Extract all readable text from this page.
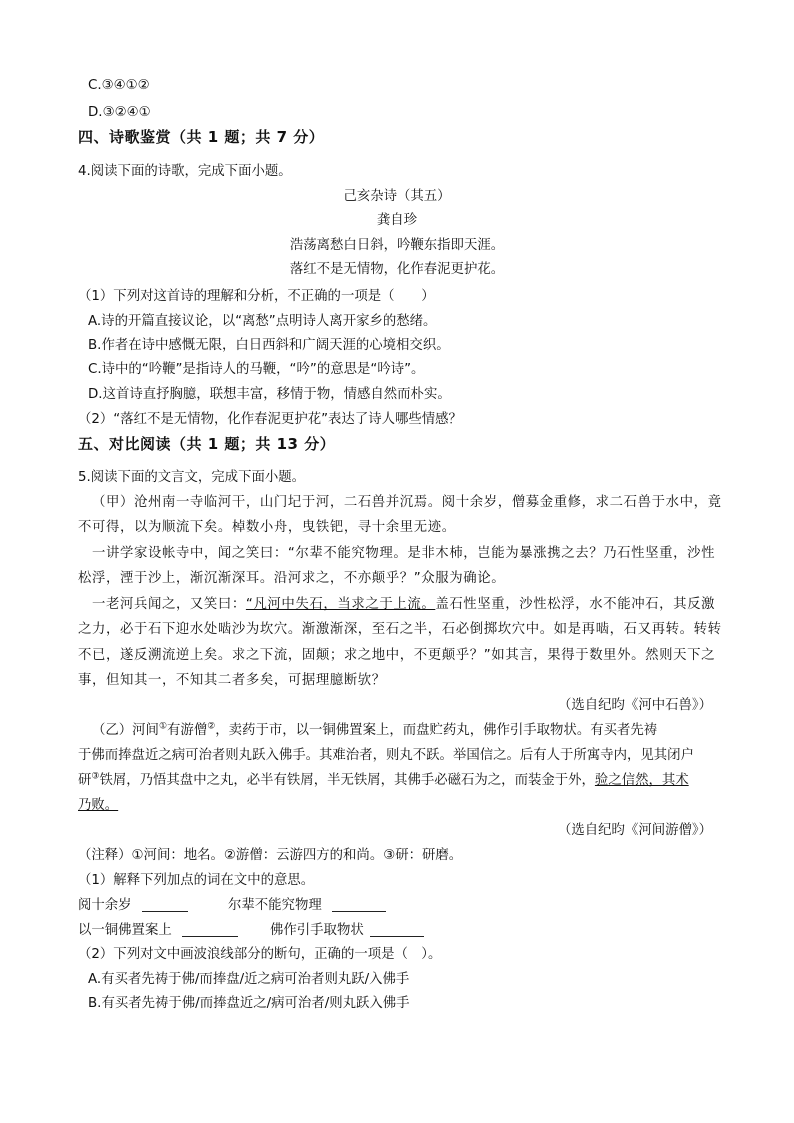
C.③④①②
D.③②④①
四、诗歌鉴赏（共 1 题；共 7 分）
4.阅读下面的诗歌，完成下面小题。
己亥杂诗（其五）
龚自珍
浩荡离愁白日斜，吟鞭东指即天涯。
落红不是无情物，化作春泥更护花。
（1）下列对这首诗的理解和分析，不正确的一项是（　　）
A.诗的开篇直接议论，以“离愁”点明诗人离开家乡的愁绪。
B.作者在诗中感慨无限，白日西斜和广阔天涯的心境相交织。
C.诗中的“吟鞭”是指诗人的马鞭，“吟”的意思是“吟诗”。
D.这首诗直抒胸臆，联想丰富，移情于物，情感自然而朴实。
（2）“落红不是无情物，化作春泥更护花”表达了诗人哪些情感？
五、对比阅读（共 1 题；共 13 分）
5.阅读下面的文言文，完成下面小题。
（甲）沧州南一寺临河干，山门圮于河，二石兽并沉焉。阅十余岁，僧募金重修，求二石兽于水中，竟
不可得，以为顺流下矣。棹数小舟，曳铁钯，寻十余里无迹。
一讲学家设帐寺中，闻之笑曰：“尔辈不能究物理。是非木杮，岂能为暴涨携之去？乃石性坚重，沙性
松浮，湮于沙上，渐沉渐深耳。沿河求之，不亦颠乎？”众服为确论。
一老河兵闻之，又笑曰：“凡河中失石，当求之于上流。盖石性坚重，沙性松浮，水不能冲石，其反激
之力，必于石下迎水处啮沙为坎穴。渐激渐深，至石之半，石必倒掷坎穴中。如是再啮，石又再转。转转
不已，遂反溯流逆上矣。求之下流，固颠；求之地中，不更颠乎？”如其言，果得于数里外。然则天下之
事，但知其一，不知其二者多矣，可据理臆断欤？
（选自纪昀《河中石兽》）
（乙）河间①有游僧②，卖药于市，以一铜佛置案上，而盘贮药丸，佛作引手取物状。有买者先祷
于佛而捧盘近之病可治者则丸跃入佛手。其难治者，则丸不跃。举国信之。后有人于所寓寺内，见其闭户
研③铁屑，乃悟其盘中之丸，必半有铁屑，半无铁屑，其佛手必磁石为之，而装金于外，验之信然，其术
乃败。
（选自纪昀《河间游僧》）
（注释）①河间：地名。②游僧：云游四方的和尚。③研：研磨。
（1）解释下列加点的词在文中的意思。
阅十余岁	尔辈不能究物理
以一铜佛置案上	佛作引手取物状
（2）下列对文中画波浪线部分的断句，正确的一项是（　）。
A.有买者先祷于佛/而捧盘/近之病可治者则丸跃/入佛手
B.有买者先祷于佛/而捧盘近之/病可治者/则丸跃入佛手
